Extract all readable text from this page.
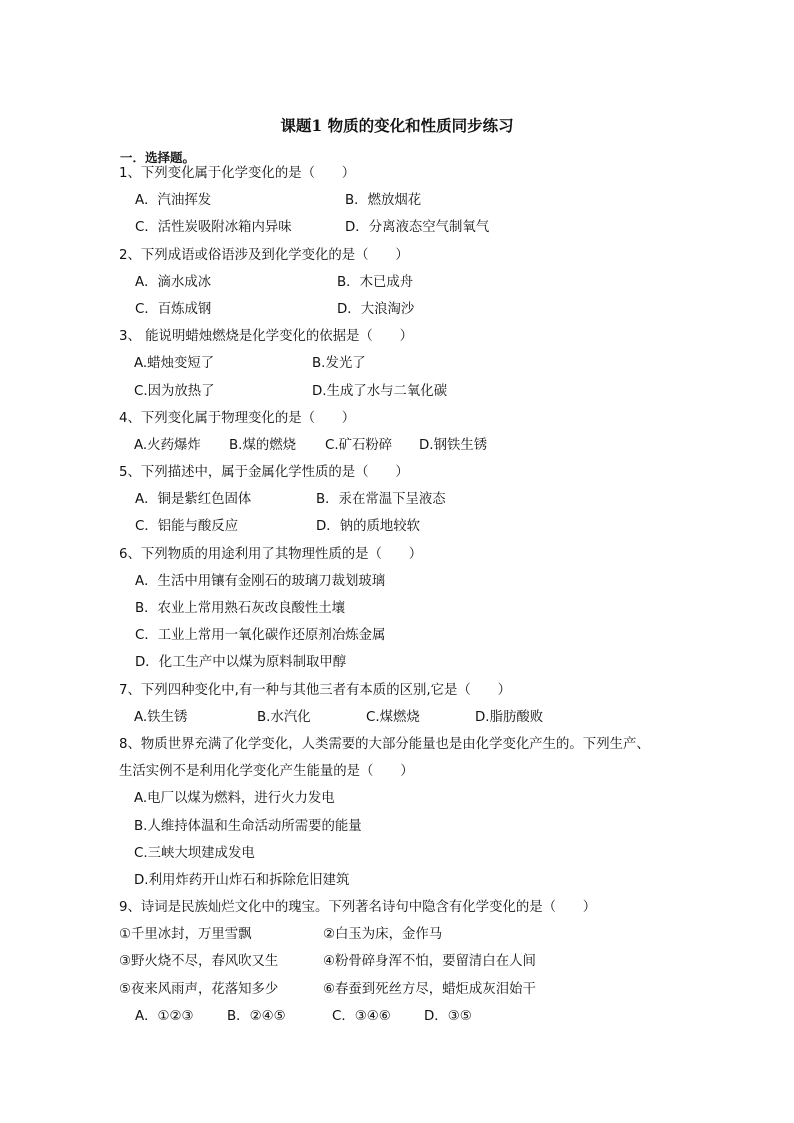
课题1 物质的变化和性质同步练习
一．选择题。
1、下列变化属于化学变化的是（　　）
A．汽油挥发	B．燃放烟花
C．活性炭吸附冰箱内异味	D．分离液态空气制氧气
2、下列成语或俗语涉及到化学变化的是（　　）
A．滴水成冰	B．木已成舟
C．百炼成钢	D．大浪淘沙
3、 能说明蜡烛燃烧是化学变化的依据是（　　）
A.蜡烛变短了	B.发光了
C.因为放热了	D.生成了水与二氧化碳
4、下列变化属于物理变化的是（　　）
A.火药爆炸 B.煤的燃烧 C.矿石粉碎 D.钢铁生锈
5、下列描述中，属于金属化学性质的是（　　）
A．铜是紫红色固体	B．汞在常温下呈液态
C．铝能与酸反应	D．钠的质地较软
6、下列物质的用途利用了其物理性质的是（　　）
A．生活中用镶有金刚石的玻璃刀裁划玻璃
B．农业上常用熟石灰改良酸性土壤
C．工业上常用一氧化碳作还原剂冶炼金属
D．化工生产中以煤为原料制取甲醇
7、下列四种变化中,有一种与其他三者有本质的区别,它是（　　）
A.铁生锈	B.水汽化	C.煤燃烧	D.脂肪酸败
8、物质世界充满了化学变化，人类需要的大部分能量也是由化学变化产生的。下列生产、
生活实例不是利用化学变化产生能量的是（　　）
A.电厂以煤为燃料，进行火力发电
B.人维持体温和生命活动所需要的能量
C.三峡大坝建成发电
D.利用炸药开山炸石和拆除危旧建筑
9、诗词是民族灿烂文化中的瑰宝。下列著名诗句中隐含有化学变化的是（　　）
①千里冰封，万里雪飘	②白玉为床，金作马
③野火烧不尽，春风吹又生	④粉骨碎身浑不怕，要留清白在人间
⑤夜来风雨声，花落知多少	⑥春蚕到死丝方尽，蜡炬成灰泪始干
A．①②③ B．②④⑤	C．③④⑥ D．③⑤
